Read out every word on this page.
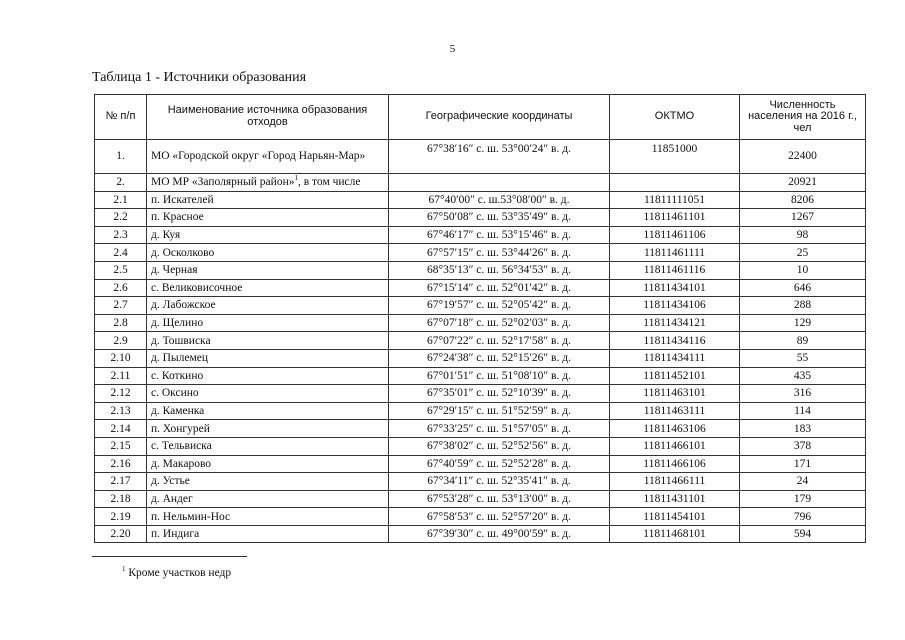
5
Таблица 1 - Источники образования
№ п/п	Наименование источника образования отходов	Географические координаты	ОКТМО	Численность населения на 2016 г., чел
1.	МО «Городской округ «Город Нарьян-Мар»	67°38′16″ с. ш. 53°00′24″ в. д.	11851000	22400
2.	МО МР «Заполярный район»$^1$, в том числе			20921
2.1	п. Искателей	67°40′00″ с. ш.53°08′00″ в. д.	11811111051	8206
2.2	п. Красное	67°50′08″ с. ш. 53°35′49″ в. д.	11811461101	1267
2.3	д. Куя	67°46′17″ с. ш. 53°15′46″ в. д.	11811461106	98
2.4	д. Осколково	67°57′15″ с. ш. 53°44′26″ в. д.	11811461111	25
2.5	д. Черная	68°35′13″ с. ш. 56°34′53″ в. д.	11811461116	10
2.6	с. Великовисочное	67°15′14″ с. ш. 52°01′42″ в. д.	11811434101	646
2.7	д. Лабожское	67°19′57″ с. ш. 52°05′42″ в. д.	11811434106	288
2.8	д. Щелино	67°07′18″ с. ш. 52°02′03″ в. д.	11811434121	129
2.9	д. Тошвиска	67°07′22″ с. ш. 52°17′58″ в. д.	11811434116	89
2.10	д. Пылемец	67°24′38″ с. ш. 52°15′26″ в. д.	11811434111	55
2.11	с. Коткино	67°01′51″ с. ш. 51°08′10″ в. д.	11811452101	435
2.12	с. Оксино	67°35′01″ с. ш. 52°10′39″ в. д.	11811463101	316
2.13	д. Каменка	67°29′15″ с. ш. 51°52′59″ в. д.	11811463111	114
2.14	п. Хонгурей	67°33′25″ с. ш. 51°57′05″ в. д.	11811463106	183
2.15	с. Тельвиска	67°38′02″ с. ш. 52°52′56″ в. д.	11811466101	378
2.16	д. Макарово	67°40′59″ с. ш. 52°52′28″ в. д.	11811466106	171
2.17	д. Устье	67°34′11″ с. ш. 52°35′41″ в. д.	11811466111	24
2.18	д. Андег	67°53′28″ с. ш. 53°13′00″ в. д.	11811431101	179
2.19	п. Нельмин-Нос	67°58′53″ с. ш. 52°57′20″ в. д.	11811454101	796
2.20	п. Индига	67°39′30″ с. ш. 49°00′59″ в. д.	11811468101	594
$^1$ Кроме участков недр
